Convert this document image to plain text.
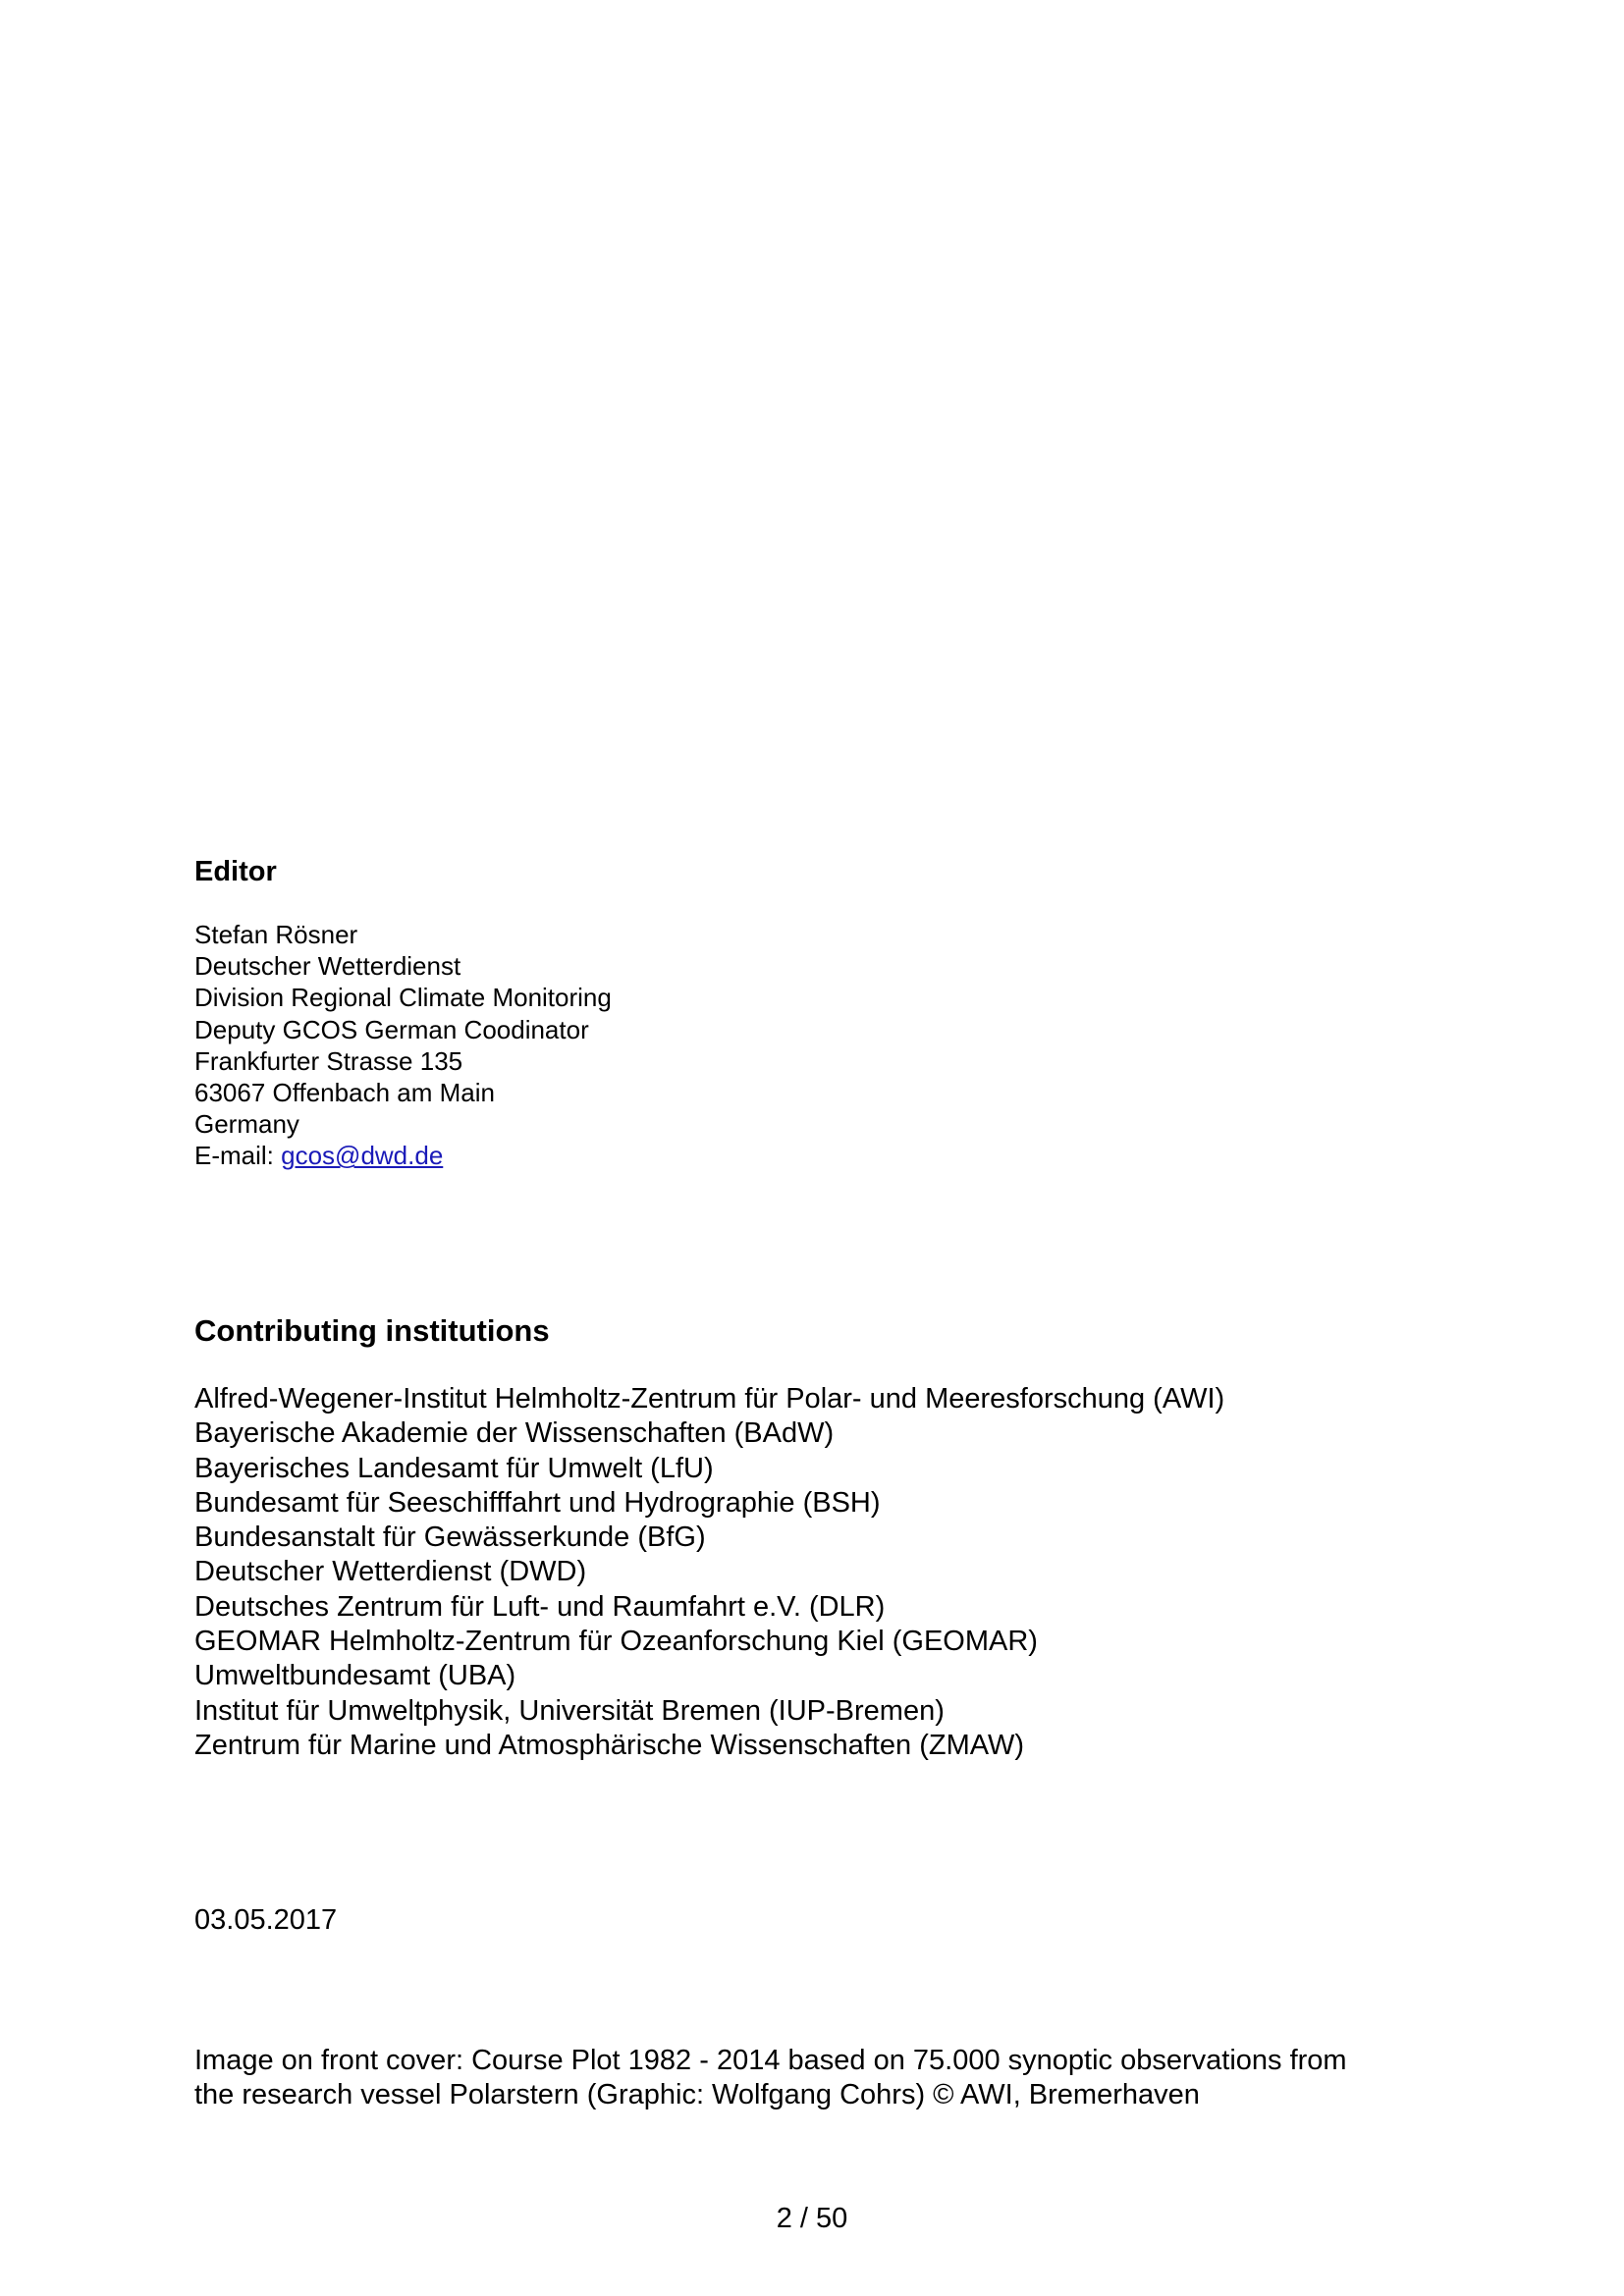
Editor
Stefan Rösner
Deutscher Wetterdienst
Division Regional Climate Monitoring
Deputy GCOS German Coodinator
Frankfurter Strasse 135
63067 Offenbach am Main
Germany
E-mail: gcos@dwd.de
Contributing institutions
Alfred-Wegener-Institut Helmholtz-Zentrum für Polar- und Meeresforschung (AWI)
Bayerische Akademie der Wissenschaften (BAdW)
Bayerisches Landesamt für Umwelt (LfU)
Bundesamt für Seeschifffahrt und Hydrographie (BSH)
Bundesanstalt für Gewässerkunde (BfG)
Deutscher Wetterdienst (DWD)
Deutsches Zentrum für Luft- und Raumfahrt e.V. (DLR)
GEOMAR Helmholtz-Zentrum für Ozeanforschung Kiel (GEOMAR)
Umweltbundesamt (UBA)
Institut für Umweltphysik, Universität Bremen (IUP-Bremen)
Zentrum für Marine und Atmosphärische Wissenschaften (ZMAW)
03.05.2017
Image on front cover: Course Plot 1982 - 2014 based on 75.000 synoptic observations from
the research vessel Polarstern (Graphic: Wolfgang Cohrs) © AWI, Bremerhaven
2 / 50
